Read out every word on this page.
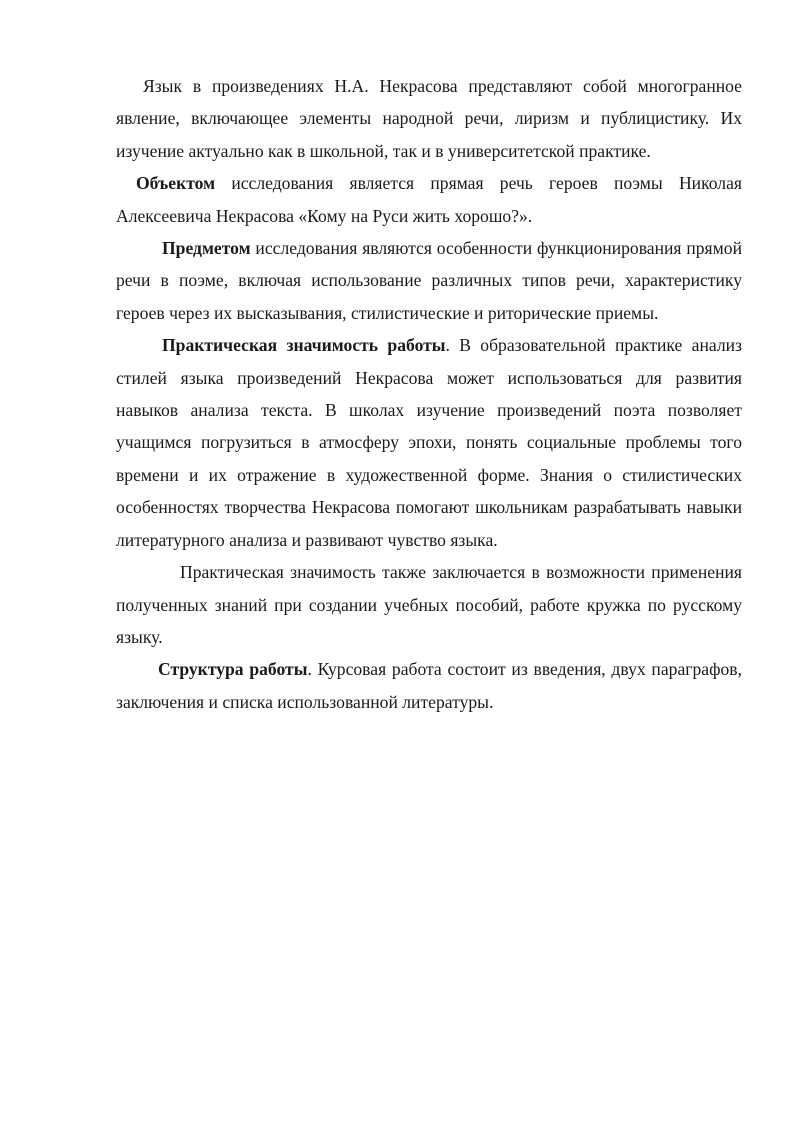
Язык в произведениях Н.А. Некрасова представляют собой многогранное явление, включающее элементы народной речи, лиризм и публицистику. Их изучение актуально как в школьной, так и в университетской практике.

Объектом исследования является прямая речь героев поэмы Николая Алексеевича Некрасова «Кому на Руси жить хорошо?».

Предметом исследования являются особенности функционирования прямой речи в поэме, включая использование различных типов речи, характеристику героев через их высказывания, стилистические и риторические приемы.

Практическая значимость работы. В образовательной практике анализ стилей языка произведений Некрасова может использоваться для развития навыков анализа текста. В школах изучение произведений поэта позволяет учащимся погрузиться в атмосферу эпохи, понять социальные проблемы того времени и их отражение в художественной форме. Знания о стилистических особенностях творчества Некрасова помогают школьникам разрабатывать навыки литературного анализа и развивают чувство языка.

Практическая значимость также заключается в возможности применения полученных знаний при создании учебных пособий, работе кружка по русскому языку.

Структура работы. Курсовая работа состоит из введения, двух параграфов, заключения и списка использованной литературы.
